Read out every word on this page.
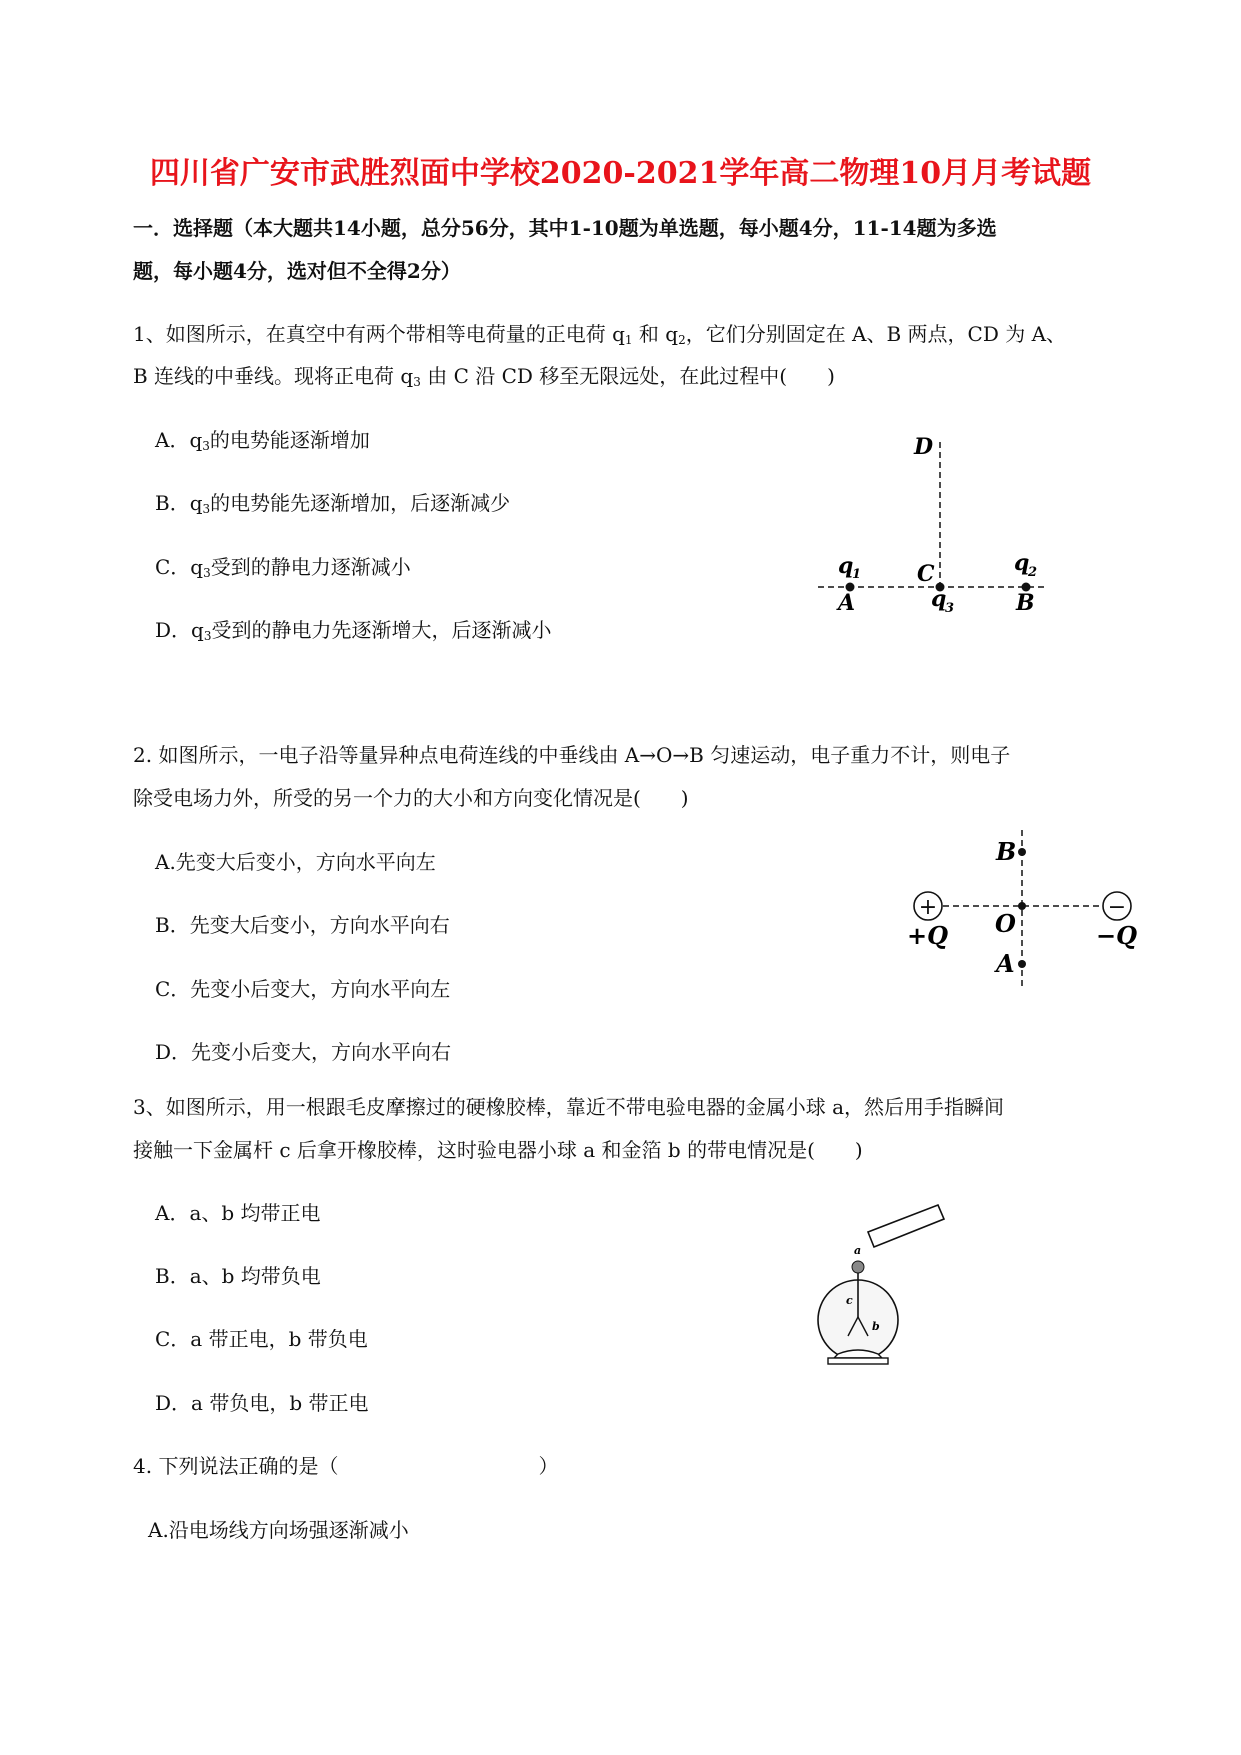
四川省广安市武胜烈面中学校2020-2021学年高二物理10月月考试题
一．选择题（本大题共14小题，总分56分，其中1-10题为单选题，每小题4分，11-14题为多选
题，每小题4分，选对但不全得2分）
1、如图所示，在真空中有两个带相等电荷量的正电荷 $q_1$ 和 $q_2$，它们分别固定在 A、B 两点，CD 为 A、
B 连线的中垂线。现将正电荷 $q_3$ 由 C 沿 CD 移至无限远处，在此过程中(　　)
A．$q_3$的电势能逐渐增加
B．$q_3$的电势能先逐渐增加，后逐渐减少
C．$q_3$受到的静电力逐渐减小
D．$q_3$受到的静电力先逐渐增大，后逐渐减小
D
C
A	B
q
1	q
2
q
3
2. 如图所示，一电子沿等量异种点电荷连线的中垂线由 A→O→B 匀速运动，电子重力不计，则电子
除受电场力外，所受的另一个力的大小和方向变化情况是(　　)
A.先变大后变小，方向水平向左
B．先变大后变小，方向水平向右
C．先变小后变大，方向水平向左
D．先变小后变大，方向水平向右
+	−
B
O
A
+Q	−Q
3、如图所示，用一根跟毛皮摩擦过的硬橡胶棒，靠近不带电验电器的金属小球 a，然后用手指瞬间
接触一下金属杆 c 后拿开橡胶棒，这时验电器小球 a 和金箔 b 的带电情况是(　　)
A．a、b 均带正电
B．a、b 均带负电
C．a 带正电，b 带负电
D．a 带负电，b 带正电
a
c
b
4. 下列说法正确的是（　　　　　　　　　　）
A.沿电场线方向场强逐渐减小
